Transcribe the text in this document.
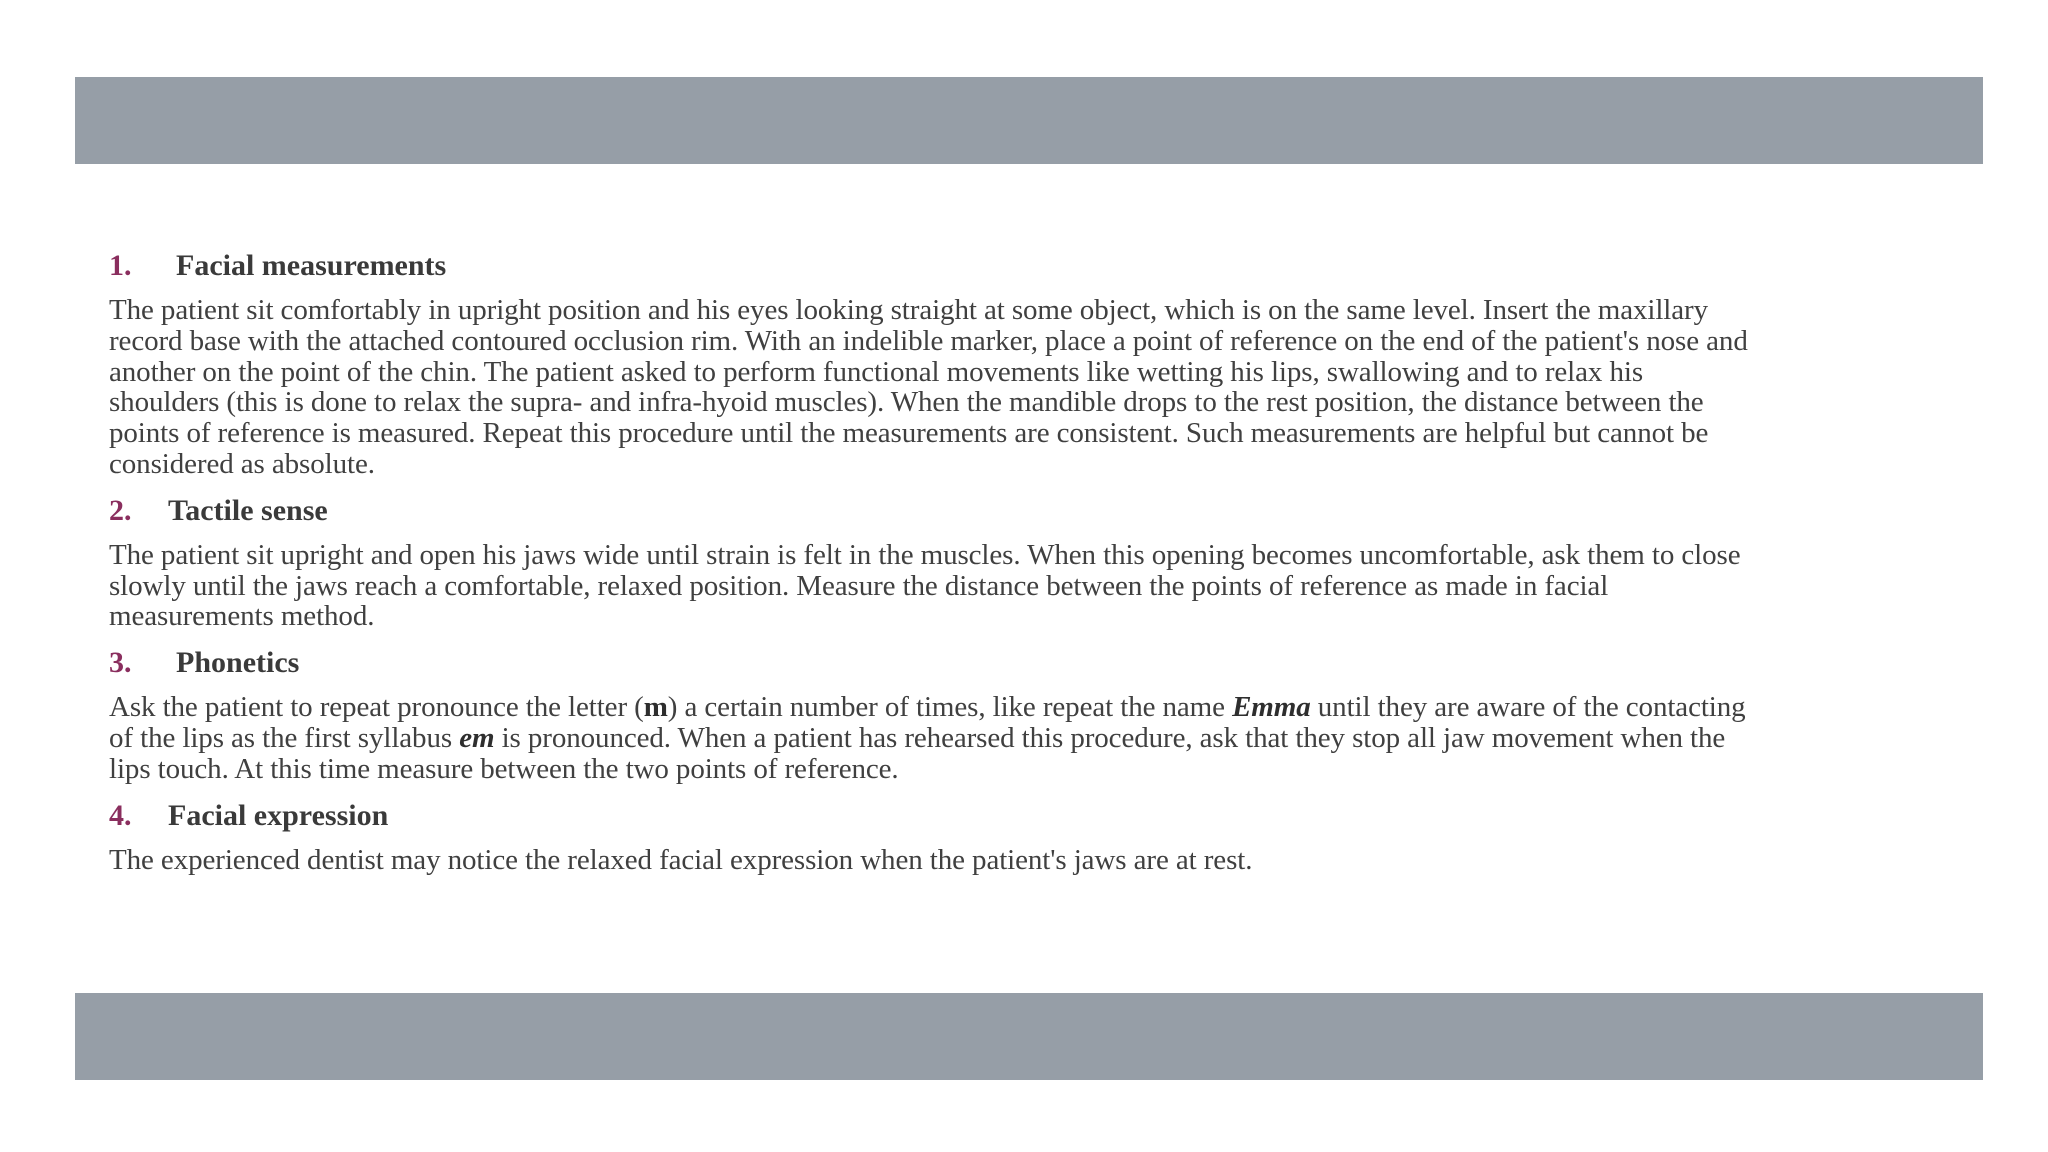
1. Facial measurements
The patient sit comfortably in upright position and his eyes looking straight at some object, which is on the same level. Insert the maxillary
record base with the attached contoured occlusion rim. With an indelible marker, place a point of reference on the end of the patient's nose and
another on the point of the chin. The patient asked to perform functional movements like wetting his lips, swallowing and to relax his
shoulders (this is done to relax the supra- and infra-hyoid muscles). When the mandible drops to the rest position, the distance between the
points of reference is measured. Repeat this procedure until the measurements are consistent. Such measurements are helpful but cannot be
considered as absolute.
2. Tactile sense
The patient sit upright and open his jaws wide until strain is felt in the muscles. When this opening becomes uncomfortable, ask them to close
slowly until the jaws reach a comfortable, relaxed position. Measure the distance between the points of reference as made in facial
measurements method.
3. Phonetics
Ask the patient to repeat pronounce the letter (m) a certain number of times, like repeat the name Emma until they are aware of the contacting
of the lips as the first syllabus em is pronounced. When a patient has rehearsed this procedure, ask that they stop all jaw movement when the
lips touch. At this time measure between the two points of reference.
4. Facial expression
The experienced dentist may notice the relaxed facial expression when the patient's jaws are at rest.
